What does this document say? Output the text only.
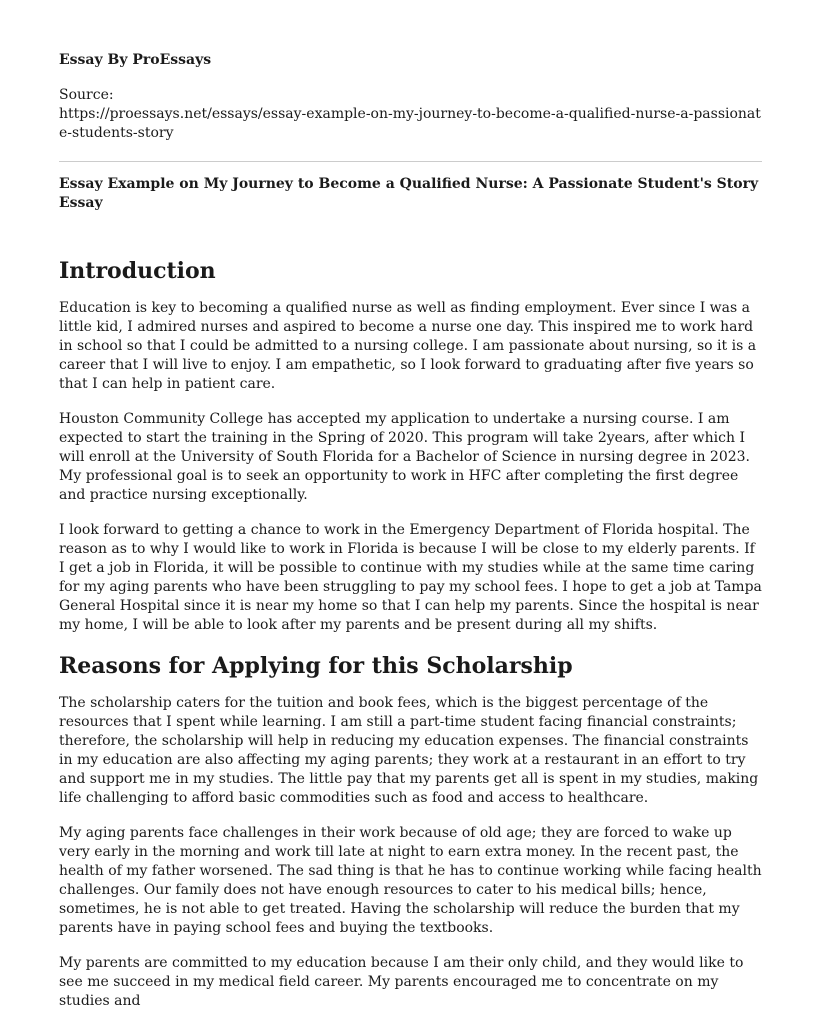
Essay By ProEssays
Source:
https://proessays.net/essays/essay-example-on-my-journey-to-become-a-qualified-nurse-a-passionate-students-story
Essay Example on My Journey to Become a Qualified Nurse: A Passionate Student's Story Essay
Introduction

Education is key to becoming a qualified nurse as well as finding employment. Ever since I was a little kid, I admired nurses and aspired to become a nurse one day. This inspired me to work hard in school so that I could be admitted to a nursing college. I am passionate about nursing, so it is a career that I will live to enjoy. I am empathetic, so I look forward to graduating after five years so that I can help in patient care.

Houston Community College has accepted my application to undertake a nursing course. I am expected to start the training in the Spring of 2020. This program will take 2years, after which I will enroll at the University of South Florida for a Bachelor of Science in nursing degree in 2023. My professional goal is to seek an opportunity to work in HFC after completing the first degree and practice nursing exceptionally.

I look forward to getting a chance to work in the Emergency Department of Florida hospital. The reason as to why I would like to work in Florida is because I will be close to my elderly parents. If I get a job in Florida, it will be possible to continue with my studies while at the same time caring for my aging parents who have been struggling to pay my school fees. I hope to get a job at Tampa General Hospital since it is near my home so that I can help my parents. Since the hospital is near my home, I will be able to look after my parents and be present during all my shifts.

Reasons for Applying for this Scholarship

The scholarship caters for the tuition and book fees, which is the biggest percentage of the resources that I spent while learning. I am still a part-time student facing financial constraints; therefore, the scholarship will help in reducing my education expenses. The financial constraints in my education are also affecting my aging parents; they work at a restaurant in an effort to try and support me in my studies. The little pay that my parents get all is spent in my studies, making life challenging to afford basic commodities such as food and access to healthcare.

My aging parents face challenges in their work because of old age; they are forced to wake up very early in the morning and work till late at night to earn extra money. In the recent past, the health of my father worsened. The sad thing is that he has to continue working while facing health challenges. Our family does not have enough resources to cater to his medical bills; hence, sometimes, he is not able to get treated. Having the scholarship will reduce the burden that my parents have in paying school fees and buying the textbooks.

My parents are committed to my education because I am their only child, and they would like to see me succeed in my medical field career. My parents encouraged me to concentrate on my studies and
